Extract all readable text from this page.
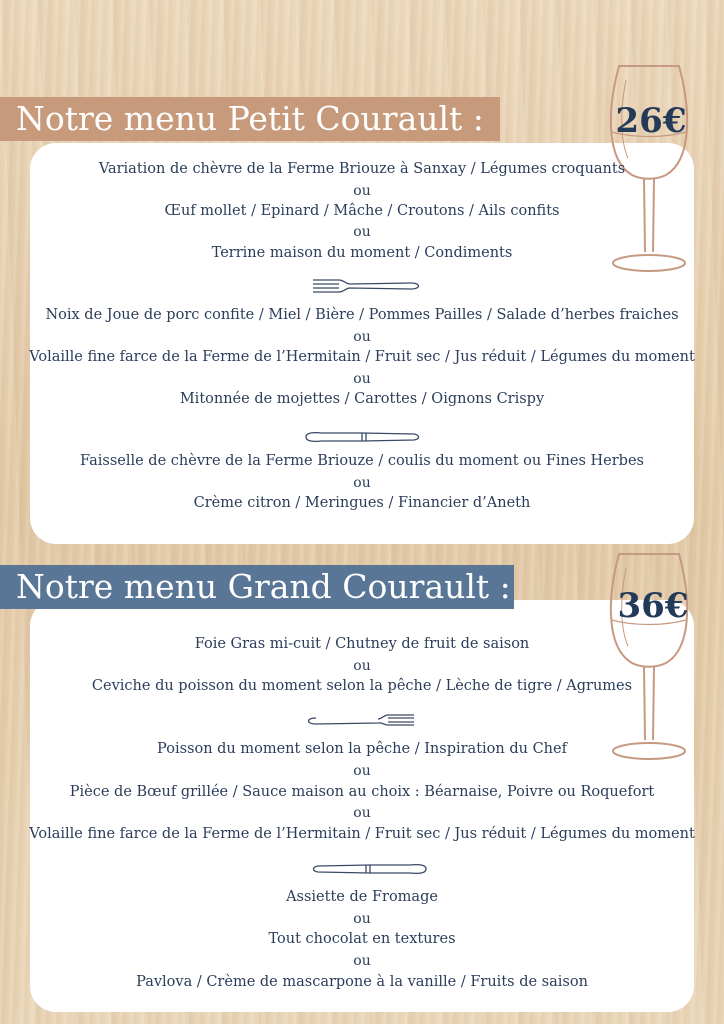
Notre menu Petit Courault :	26€
Variation de chèvre de la Ferme Briouze à Sanxay / Légumes croquants
ou
Œuf mollet / Epinard / Mâche / Croutons / Ails confits
ou
Terrine maison du moment / Condiments
Noix de Joue de porc confite / Miel / Bière / Pommes Pailles / Salade d’herbes fraiches
ou
Volaille fine farce de la Ferme de l’Hermitain / Fruit sec / Jus réduit / Légumes du moment
ou
Mitonnée de mojettes / Carottes / Oignons Crispy
Faisselle de chèvre de la Ferme Briouze / coulis du moment ou Fines Herbes
ou
Crème citron / Meringues / Financier d’Aneth
Notre menu Grand Courault :	36€
Foie Gras mi-cuit / Chutney de fruit de saison
ou
Ceviche du poisson du moment selon la pêche / Lèche de tigre / Agrumes
Poisson du moment selon la pêche / Inspiration du Chef
ou
Pièce de Bœuf grillée / Sauce maison au choix : Béarnaise, Poivre ou Roquefort
ou
Volaille fine farce de la Ferme de l’Hermitain / Fruit sec / Jus réduit / Légumes du moment
Assiette de Fromage
ou
Tout chocolat en textures
ou
Pavlova / Crème de mascarpone à la vanille / Fruits de saison
